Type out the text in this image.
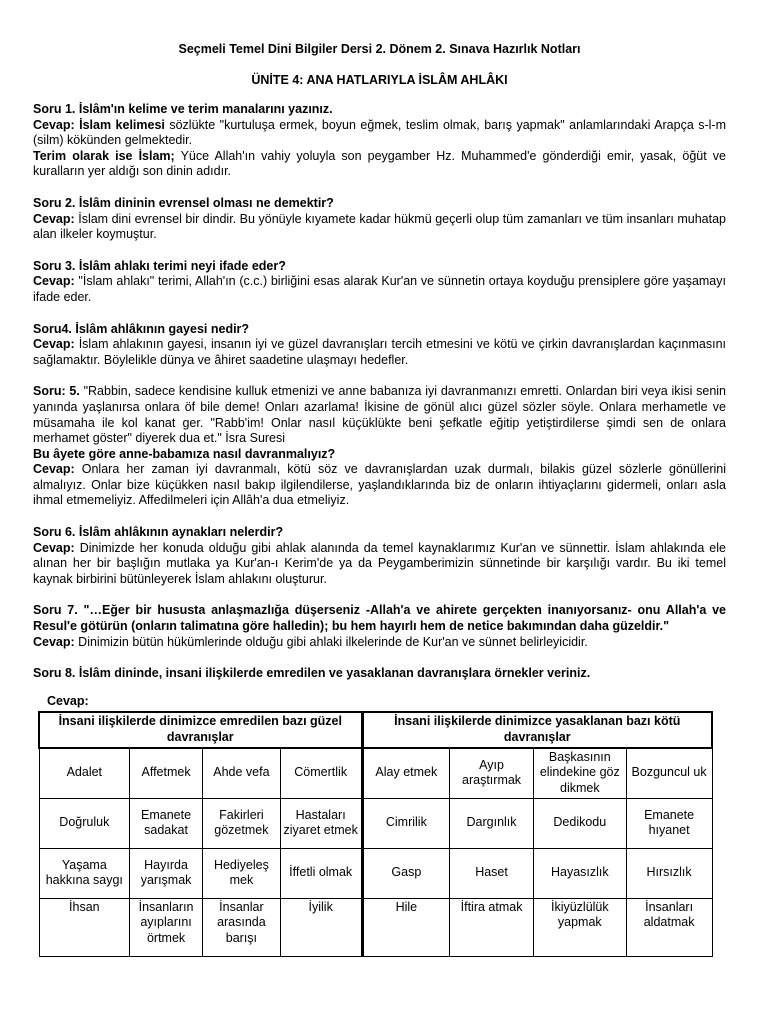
Seçmeli Temel Dini Bilgiler Dersi 2. Dönem 2. Sınava Hazırlık Notları
ÜNİTE 4: ANA HATLARIYLA İSLÂM AHLÂKI

Soru 1. İslâm'ın kelime ve terim manalarını yazınız.

Cevap: İslam kelimesi sözlükte "kurtuluşa ermek, boyun eğmek, teslim olmak, barış yapmak" anlamlarındaki Arapça s-l-m (silm) kökünden gelmektedir.

Terim olarak ise İslam; Yüce Allah'ın vahiy yoluyla son peygamber Hz. Muhammed'e gönderdiği emir, yasak, öğüt ve kuralların yer aldığı son dinin adıdır.

Soru 2. İslâm dininin evrensel olması ne demektir?

Cevap: İslam dini evrensel bir dindir. Bu yönüyle kıyamete kadar hükmü geçerli olup tüm zamanları ve tüm insanları muhatap alan ilkeler koymuştur.

Soru 3. İslâm ahlakı terimi neyi ifade eder?

Cevap: "İslam ahlakı" terimi, Allah'ın (c.c.) birliğini esas alarak Kur'an ve sünnetin ortaya koyduğu prensiplere göre yaşamayı ifade eder.

Soru4. İslâm ahlâkının gayesi nedir?

Cevap: İslam ahlakının gayesi, insanın iyi ve güzel davranışları tercih etmesini ve kötü ve çirkin davranışlardan kaçınmasını sağlamaktır. Böylelikle dünya ve âhiret saadetine ulaşmayı hedefler.

Soru: 5. "Rabbin, sadece kendisine kulluk etmenizi ve anne babanıza iyi davranmanızı emretti. Onlardan biri veya ikisi senin yanında yaşlanırsa onlara öf bile deme! Onları azarlama! İkisine de gönül alıcı güzel sözler söyle. Onlara merhametle ve müsamaha ile kol kanat ger. "Rabb'im! Onlar nasıl küçüklükte beni şefkatle eğitip yetiştirdilerse şimdi sen de onlara merhamet göster" diyerek dua et." İsra Suresi

Bu âyete göre anne-babamıza nasıl davranmalıyız?

Cevap: Onlara her zaman iyi davranmalı, kötü söz ve davranışlardan uzak durmalı, bilakis güzel sözlerle gönüllerini almalıyız. Onlar bize küçükken nasıl bakıp ilgilendilerse, yaşlandıklarında biz de onların ihtiyaçlarını gidermeli, onları asla ihmal etmemeliyiz. Affedilmeleri için Allâh'a dua etmeliyiz.

Soru 6. İslâm ahlâkının aynakları nelerdir?

Cevap: Dinimizde her konuda olduğu gibi ahlak alanında da temel kaynaklarımız Kur'an ve sünnettir. İslam ahlakında ele alınan her bir başlığın mutlaka ya Kur'an-ı Kerim'de ya da Peygamberimizin sünnetinde bir karşılığı vardır. Bu iki temel kaynak birbirini bütünleyerek İslam ahlakını oluşturur.

Soru 7. "…Eğer bir hususta anlaşmazlığa düşerseniz -Allah'a ve ahirete gerçekten inanıyorsanız- onu Allah'a ve Resul'e götürün (onların talimatına göre halledin); bu hem hayırlı hem de netice bakımından daha güzeldir."

Cevap: Dinimizin bütün hükümlerinde olduğu gibi ahlaki ilkelerinde de Kur'an ve sünnet belirleyicidir.

Soru 8. İslâm dininde, insani ilişkilerde emredilen ve yasaklanan davranışlara örnekler veriniz.

Cevap:
İnsani ilişkilerde dinimizce emredilen bazı güzel davranışlar				İnsani ilişkilerde dinimizce yasaklanan bazı kötü davranışlar			
Adalet	Affetmek	Ahde vefa	Cömertlik	Alay etmek	Ayıp araştırmak	Başkasının elindekine göz dikmek	Bozguncul uk
Doğruluk	Emanete sadakat	Fakirleri gözetmek	Hastaları ziyaret etmek	Cimrilik	Dargınlık	Dedikodu	Emanete hıyanet
Yaşama hakkına saygı	Hayırda yarışmak	Hediyeleş mek	İffetli olmak	Gasp	Haset	Hayasızlık	Hırsızlık
İhsan	İnsanların ayıplarını örtmek	İnsanlar arasında barışı	İyilik	Hile	İftira atmak	İkiyüzlülük yapmak	İnsanları aldatmak
